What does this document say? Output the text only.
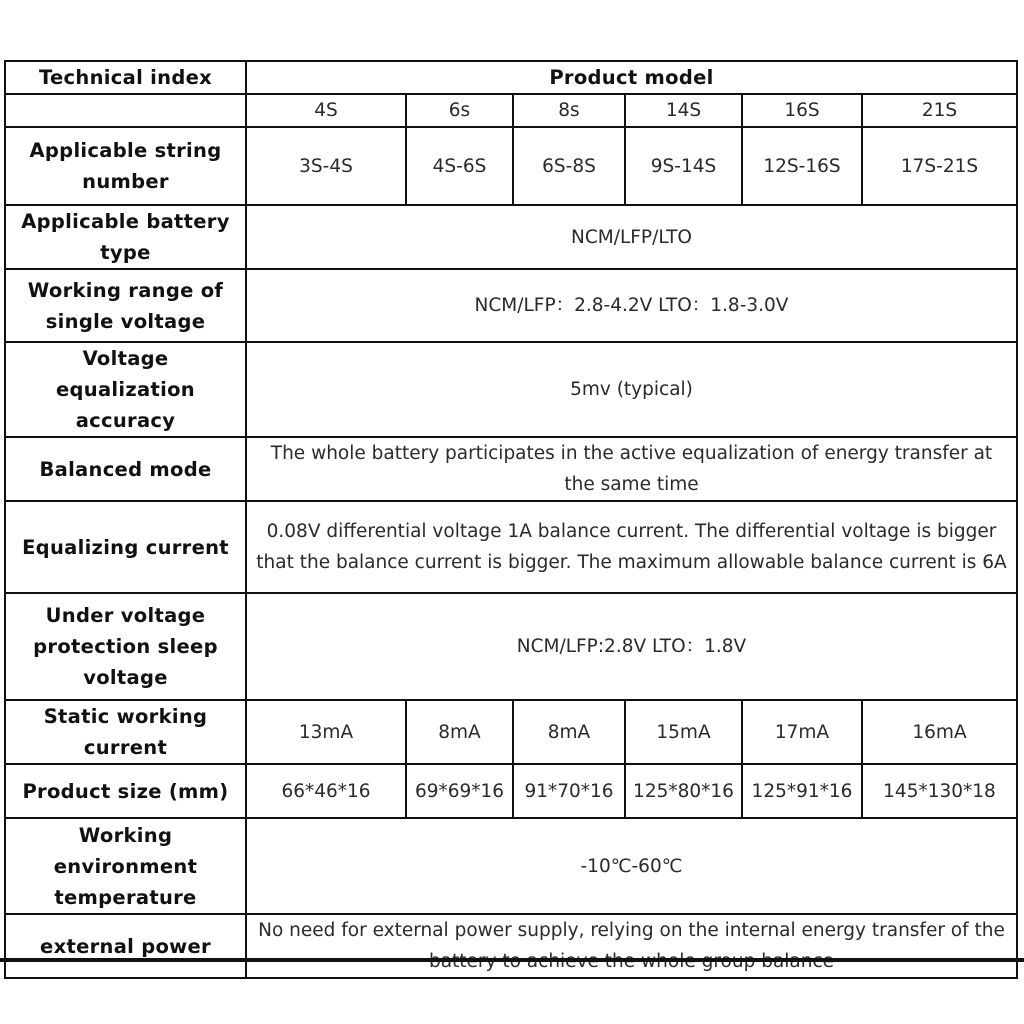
Technical index	Product model					
	4S	6s	8s	14S	16S	21S
Applicable string number	3S-4S	4S-6S	6S-8S	9S-14S	12S-16S	17S-21S
Applicable battery type	NCM/LFP/LTO					
Working range of single voltage	NCM/LFP：2.8-4.2V LTO：1.8-3.0V					
Voltage equalization accuracy	5mv (typical)					
Balanced mode	The whole battery participates in the active equalization of energy transfer at the same time					
Equalizing current	0.08V differential voltage 1A balance current. The differential voltage is bigger that the balance current is bigger. The maximum allowable balance current is 6A					
Under voltage protection sleep voltage	NCM/LFP:2.8V LTO：1.8V					
Static working current	13mA	8mA	8mA	15mA	17mA	16mA
Product size (mm)	66*46*16	69*69*16	91*70*16	125*80*16	125*91*16	145*130*18
Working environment temperature	-10℃-60℃					
external power	No need for external power supply, relying on the internal energy transfer of the					
